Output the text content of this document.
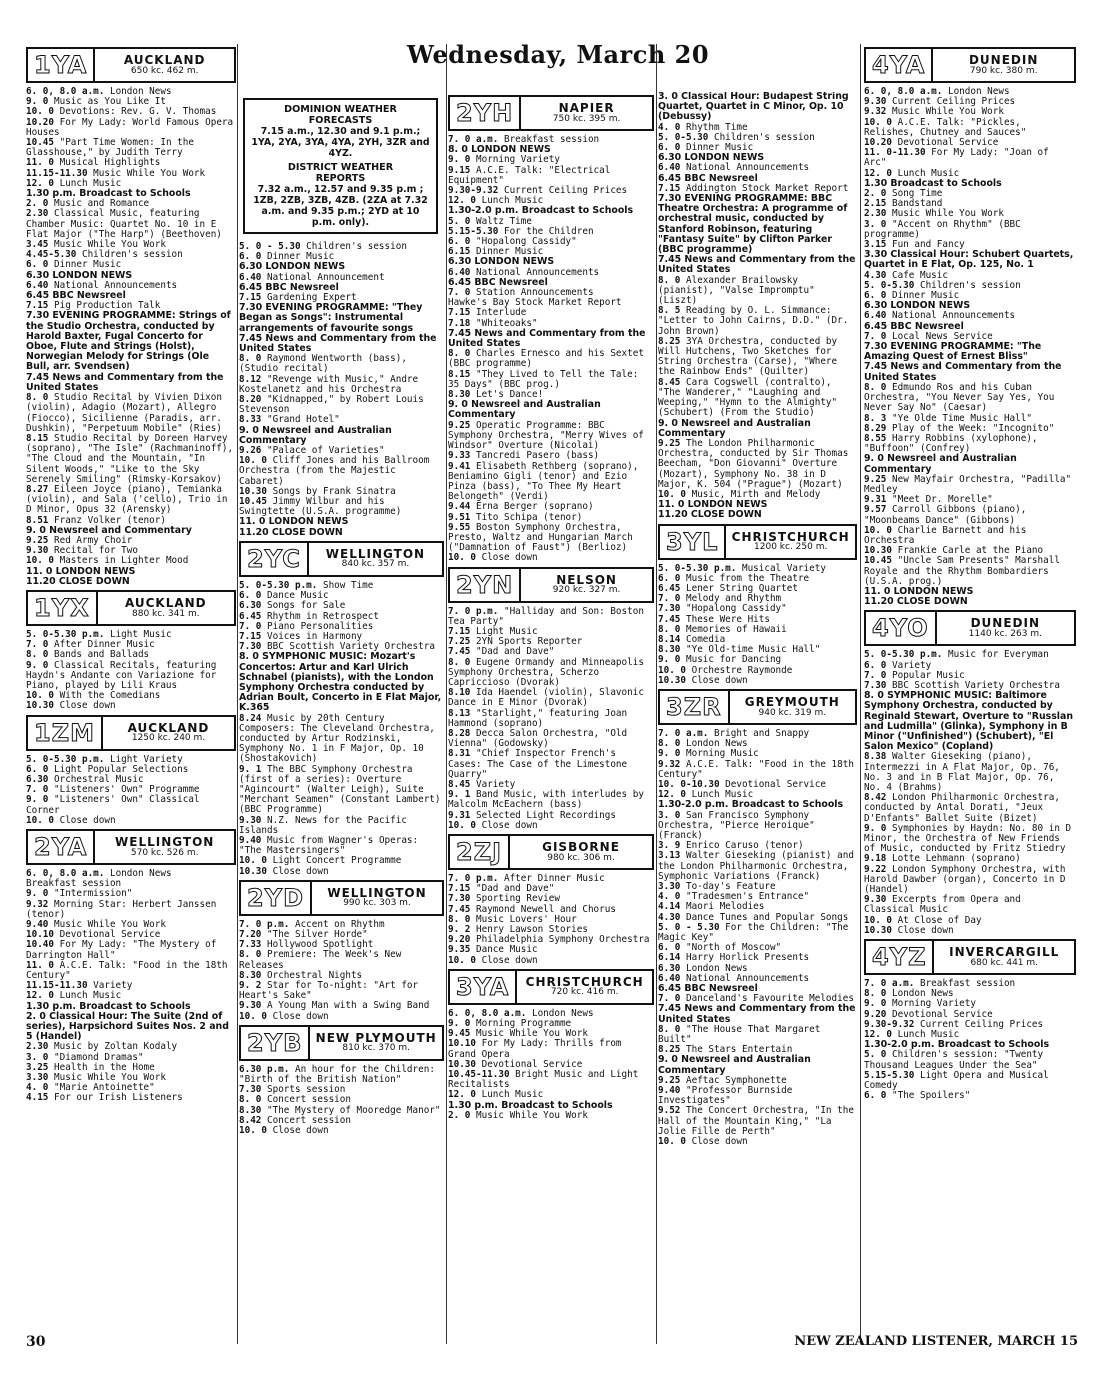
Wednesday, March 20
1YA	AUCKLAND
650 kc. 462 m.
6. 0, 8.0 a.m. London News
9. 0 Music as You Like It
10. 0 Devotions: Rev. G. V. Thomas
10.20 For My Lady: World Famous Opera Houses
10.45 "Part Time Women: In the Glasshouse," by Judith Terry
11. 0 Musical Highlights
11.15-11.30 Music While You Work
12. 0 Lunch Music
1.30 p.m. Broadcast to Schools
2. 0 Music and Romance
2.30 Classical Music, featuring Chamber Music: Quartet No. 10 in E Flat Major ("The Harp") (Beethoven)
3.45 Music While You Work
4.45-5.30 Children's session
6. 0 Dinner Music
6.30 LONDON NEWS
6.40 National Announcements
6.45 BBC Newsreel
7.15 Pig Production Talk
7.30 EVENING PROGRAMME: Strings of the Studio Orchestra, conducted by Harold Baxter, Fugal Concerto for Oboe, Flute and Strings (Holst), Norwegian Melody for Strings (Ole Bull, arr. Svendsen)
7.45 News and Commentary from the United States
8. 0 Studio Recital by Vivien Dixon (violin), Adagio (Mozart), Allegro (Fiocco), Sicilienne (Paradis, arr. Dushkin), "Perpetuum Mobile" (Ries)
8.15 Studio Recital by Doreen Harvey (soprano), "The Isle" (Rachmaninoff), "The Cloud and the Mountain, "In Silent Woods," "Like to the Sky Serenely Smiling" (Rimsky-Korsakov)
8.27 Eileen Joyce (piano), Temianka (violin), and Sala ('cello), Trio in D Minor, Opus 32 (Arensky)
8.51 Franz Volker (tenor)
9. 0 Newsreel and Commentary
9.25 Red Army Choir
9.30 Recital for Two
10. 0 Masters in Lighter Mood
11. 0 LONDON NEWS
11.20 CLOSE DOWN
1YX	AUCKLAND
880 kc. 341 m.
5. 0-5.30 p.m. Light Music
7. 0 After Dinner Music
8. 0 Bands and Ballads
9. 0 Classical Recitals, featuring Haydn's Andante con Variazione for Piano, played by Lili Kraus
10. 0 With the Comedians
10.30 Close down
1ZM	AUCKLAND
1250 kc. 240 m.
5. 0-5.30 p.m. Light Variety
6. 0 Light Popular Selections
6.30 Orchestral Music
7. 0 "Listeners' Own" Programme
9. 0 "Listeners' Own" Classical Corner
10. 0 Close down
2YA	WELLINGTON
570 kc. 526 m.
6. 0, 8.0 a.m. London News
Breakfast session
9. 0 "Intermission"
9.32 Morning Star: Herbert Janssen (tenor)
9.40 Music While You Work
10.10 Devotional Service
10.40 For My Lady: "The Mystery of Darrington Hall"
11. 0 A.C.E. Talk: "Food in the 18th Century"
11.15-11.30 Variety
12. 0 Lunch Music
1.30 p.m. Broadcast to Schools
2. 0 Classical Hour: The Suite (2nd of series), Harpsichord Suites Nos. 2 and 5 (Handel)
2.30 Music by Zoltan Kodaly
3. 0 "Diamond Dramas"
3.25 Health in the Home
3.30 Music While You Work
4. 0 "Marie Antoinette"
4.15 For our Irish Listeners
DOMINION WEATHER
FORECASTS
7.15 a.m., 12.30 and 9.1 p.m.; 1YA, 2YA, 3YA, 4YA, 2YH, 3ZR and 4YZ.
DISTRICT WEATHER
REPORTS
7.32 a.m., 12.57 and 9.35 p.m ; 1ZB, 2ZB, 3ZB, 4ZB. (2ZA at 7.32 a.m. and 9.35 p.m.; 2YD at 10 p.m. only).
5. 0 - 5.30 Children's session
6. 0 Dinner Music
6.30 LONDON NEWS
6.40 National Announcement
6.45 BBC Newsreel
7.15 Gardening Expert
7.30 EVENING PROGRAMME: "They Began as Songs": Instrumental arrangements of favourite songs
7.45 News and Commentary from the United States
8. 0 Raymond Wentworth (bass), (Studio recital)
8.12 "Revenge with Music," Andre Kostelanetz and his Orchestra
8.20 "Kidnapped," by Robert Louis Stevenson
8.33 "Grand Hotel"
9. 0 Newsreel and Australian Commentary
9.26 "Palace of Varieties"
10. 0 Cliff Jones and his Ballroom Orchestra (from the Majestic Cabaret)
10.30 Songs by Frank Sinatra
10.45 Jimmy Wilbur and his Swingtette (U.S.A. programme)
11. 0 LONDON NEWS
11.20 CLOSE DOWN
2YC	WELLINGTON
840 kc. 357 m.
5. 0-5.30 p.m. Show Time
6. 0 Dance Music
6.30 Songs for Sale
6.45 Rhythm in Retrospect
7. 0 Piano Personalities
7.15 Voices in Harmony
7.30 BBC Scottish Variety Orchestra
8. 0 SYMPHONIC MUSIC: Mozart's Concertos: Artur and Karl Ulrich Schnabel (pianists), with the London Symphony Orchestra conducted by Adrian Boult, Concerto in E Flat Major, K.365
8.24 Music by 20th Century Composers: The Cleveland Orchestra, conducted by Artur Rodzinski, Symphony No. 1 in F Major, Op. 10 (Shostakovich)
9. 1 The BBC Symphony Orchestra (first of a series): Overture "Agincourt" (Walter Leigh), Suite "Merchant Seamen" (Constant Lambert) (BBC Programme)
9.30 N.Z. News for the Pacific Islands
9.40 Music from Wagner's Operas: "The Mastersingers"
10. 0 Light Concert Programme
10.30 Close down
2YD	WELLINGTON
990 kc. 303 m.
7. 0 p.m. Accent on Rhythm
7.20 "The Silver Horde"
7.33 Hollywood Spotlight
8. 0 Premiere: The Week's New Releases
8.30 Orchestral Nights
9. 2 Star for To-night: "Art for Heart's Sake"
9.30 A Young Man with a Swing Band
10. 0 Close down
2YB	NEW PLYMOUTH
810 kc. 370 m.
6.30 p.m. An hour for the Children: "Birth of the British Nation"
7.30 Sports session
8. 0 Concert session
8.30 "The Mystery of Mooredge Manor"
8.42 Concert session
10. 0 Close down
2YH	NAPIER
750 kc. 395 m.
7. 0 a.m. Breakfast session
8. 0 LONDON NEWS
9. 0 Morning Variety
9.15 A.C.E. Talk: "Electrical Equipment"
9.30-9.32 Current Ceiling Prices
12. 0 Lunch Music
1.30-2.0 p.m. Broadcast to Schools
5. 0 Waltz Time
5.15-5.30 For the Children
6. 0 "Hopalong Cassidy"
6.15 Dinner Music
6.30 LONDON NEWS
6.40 National Announcements
6.45 BBC Newsreel
7. 0 Station Announcements
Hawke's Bay Stock Market Report
7.15 Interlude
7.18 "Whiteoaks"
7.45 News and Commentary from the United States
8. 0 Charles Ernesco and his Sextet (BBC programme)
8.15 "They Lived to Tell the Tale: 35 Days" (BBC prog.)
8.30 Let's Dance!
9. 0 Newsreel and Australian Commentary
9.25 Operatic Programme: BBC Symphony Orchestra, "Merry Wives of Windsor" Overture (Nicolai)
9.33 Tancredi Pasero (bass)
9.41 Elisabeth Rethberg (soprano), Beniamino Gigli (tenor) and Ezio Pinza (bass), "To Thee My Heart Belongeth" (Verdi)
9.44 Erna Berger (soprano)
9.51 Tito Schipa (tenor)
9.55 Boston Symphony Orchestra, Presto, Waltz and Hungarian March ("Damnation of Faust") (Berlioz)
10. 0 Close down
2YN	NELSON
920 kc. 327 m.
7. 0 p.m. "Halliday and Son: Boston Tea Party"
7.15 Light Music
7.25 2YN Sports Reporter
7.45 "Dad and Dave"
8. 0 Eugene Ormandy and Minneapolis Symphony Orchestra, Scherzo Capriccioso (Dvorak)
8.10 Ida Haendel (violin), Slavonic Dance in E Minor (Dvorak)
8.13 "Starlight," featuring Joan Hammond (soprano)
8.28 Decca Salon Orchestra, "Old Vienna" (Godowsky)
8.31 "Chief Inspector French's Cases: The Case of the Limestone Quarry"
8.45 Variety
9. 1 Band Music, with interludes by Malcolm McEachern (bass)
9.31 Selected Light Recordings
10. 0 Close down
2ZJ	GISBORNE
980 kc. 306 m.
7. 0 p.m. After Dinner Music
7.15 "Dad and Dave"
7.30 Sporting Review
7.45 Raymond Newell and Chorus
8. 0 Music Lovers' Hour
9. 2 Henry Lawson Stories
9.20 Philadelphia Symphony Orchestra
9.35 Dance Music
10. 0 Close down
3YA	CHRISTCHURCH
720 kc. 416 m.
6. 0, 8.0 a.m. London News
9. 0 Morning Programme
9.45 Music While You Work
10.10 For My Lady: Thrills from Grand Opera
10.30 Devotional Service
10.45-11.30 Bright Music and Light Recitalists
12. 0 Lunch Music
1.30 p.m. Broadcast to Schools
2. 0 Music While You Work
3. 0 Classical Hour: Budapest String Quartet, Quartet in C Minor, Op. 10 (Debussy)
4. 0 Rhythm Time
5. 0-5.30 Children's session
6. 0 Dinner Music
6.30 LONDON NEWS
6.40 National Announcements
6.45 BBC Newsreel
7.15 Addington Stock Market Report
7.30 EVENING PROGRAMME: BBC Theatre Orchestra: A programme of orchestral music, conducted by Stanford Robinson, featuring "Fantasy Suite" by Clifton Parker (BBC programme)
7.45 News and Commentary from the United States
8. 0 Alexander Brailowsky (pianist), "Valse Impromptu" (Liszt)
8. 5 Reading by O. L. Simmance: "Letter to John Cairns, D.D." (Dr. John Brown)
8.25 3YA Orchestra, conducted by Will Hutchens, Two Sketches for String Orchestra (Carse), "Where the Rainbow Ends" (Quilter)
8.45 Cara Cogswell (contralto), "The Wanderer," "Laughing and Weeping," "Hymn to the Almighty" (Schubert) (From the Studio)
9. 0 Newsreel and Australian Commentary
9.25 The London Philharmonic Orchestra, conducted by Sir Thomas Beecham, "Don Giovanni" Overture (Mozart), Symphony No. 38 in D Major, K. 504 ("Prague") (Mozart)
10. 0 Music, Mirth and Melody
11. 0 LONDON NEWS
11.20 CLOSE DOWN
3YL	CHRISTCHURCH
1200 kc. 250 m.
5. 0-5.30 p.m. Musical Variety
6. 0 Music from the Theatre
6.45 Lener String Quartet
7. 0 Melody and Rhythm
7.30 "Hopalong Cassidy"
7.45 These Were Hits
8. 0 Memories of Hawaii
8.14 Comedia
8.30 "Ye Old-time Music Hall"
9. 0 Music for Dancing
10. 0 Orchestre Raymonde
10.30 Close down
3ZR	GREYMOUTH
940 kc. 319 m.
7. 0 a.m. Bright and Snappy
8. 0 London News
9. 0 Morning Music
9.32 A.C.E. Talk: "Food in the 18th Century"
10. 0-10.30 Devotional Service
12. 0 Lunch Music
1.30-2.0 p.m. Broadcast to Schools
3. 0 San Francisco Symphony Orchestra, "Pierce Heroique" (Franck)
3. 9 Enrico Caruso (tenor)
3.13 Walter Gieseking (pianist) and the London Philharmonic Orchestra, Symphonic Variations (Franck)
3.30 To-day's Feature
4. 0 "Tradesmen's Entrance"
4.14 Maori Melodies
4.30 Dance Tunes and Popular Songs
5. 0 - 5.30 For the Children: "The Magic Key"
6. 0 "North of Moscow"
6.14 Harry Horlick Presents
6.30 London News
6.40 National Announcements
6.45 BBC Newsreel
7. 0 Danceland's Favourite Melodies
7.45 News and Commentary from the United States
8. 0 "The House That Margaret Built"
8.25 The Stars Entertain
9. 0 Newsreel and Australian Commentary
9.25 Aeftac Symphonette
9.40 "Professor Burnside Investigates"
9.52 The Concert Orchestra, "In the Hall of the Mountain King," "La Jolie Fille de Perth"
10. 0 Close down
4YA	DUNEDIN
790 kc. 380 m.
6. 0, 8.0 a.m. London News
9.30 Current Ceiling Prices
9.32 Music While You Work
10. 0 A.C.E. Talk: "Pickles, Relishes, Chutney and Sauces"
10.20 Devotional Service
11. 0-11.30 For My Lady: "Joan of Arc"
12. 0 Lunch Music
1.30 Broadcast to Schools
2. 0 Song Time
2.15 Bandstand
2.30 Music While You Work
3. 0 "Accent on Rhythm" (BBC programme)
3.15 Fun and Fancy
3.30 Classical Hour: Schubert Quartets, Quartet in E Flat, Op. 125, No. 1
4.30 Cafe Music
5. 0-5.30 Children's session
6. 0 Dinner Music
6.30 LONDON NEWS
6.40 National Announcements
6.45 BBC Newsreel
7. 0 Local News Service
7.30 EVENING PROGRAMME: "The Amazing Quest of Ernest Bliss"
7.45 News and Commentary from the United States
8. 0 Edmundo Ros and his Cuban Orchestra, "You Never Say Yes, You Never Say No" (Caesar)
8. 3 "Ye Olde Time Music Hall"
8.29 Play of the Week: "Incognito"
8.55 Harry Robbins (xylophone), "Buffoon" (Confrey)
9. 0 Newsreel and Australian Commentary
9.25 New Mayfair Orchestra, "Padilla" Medley
9.31 "Meet Dr. Morelle"
9.57 Carroll Gibbons (piano), "Moonbeams Dance" (Gibbons)
10. 0 Charlie Barnett and his Orchestra
10.30 Frankie Carle at the Piano
10.45 "Uncle Sam Presents" Marshall Royale and the Rhythm Bombardiers (U.S.A. prog.)
11. 0 LONDON NEWS
11.20 CLOSE DOWN
4YO	DUNEDIN
1140 kc. 263 m.
5. 0-5.30 p.m. Music for Everyman
6. 0 Variety
7. 0 Popular Music
7.30 BBC Scottish Variety Orchestra
8. 0 SYMPHONIC MUSIC: Baltimore Symphony Orchestra, conducted by Reginald Stewart, Overture to "Russlan and Ludmilla" (Glinka), Symphony in B Minor ("Unfinished") (Schubert), "El Salon Mexico" (Copland)
8.38 Walter Gieseking (piano), Intermezzi in A Flat Major, Op. 76, No. 3 and in B Flat Major, Op. 76, No. 4 (Brahms)
8.42 London Philharmonic Orchestra, conducted by Antal Dorati, "Jeux D'Enfants" Ballet Suite (Bizet)
9. 0 Symphonies by Haydn: No. 80 in D Minor, the Orchestra of New Friends of Music, conducted by Fritz Stiedry
9.18 Lotte Lehmann (soprano)
9.22 London Symphony Orchestra, with Harold Dawber (organ), Concerto in D (Handel)
9.30 Excerpts from Opera and Classical Music
10. 0 At Close of Day
10.30 Close down
4YZ	INVERCARGILL
680 kc. 441 m.
7. 0 a.m. Breakfast session
8. 0 London News
9. 0 Morning Variety
9.20 Devotional Service
9.30-9.32 Current Ceiling Prices
12. 0 Lunch Music
1.30-2.0 p.m. Broadcast to Schools
5. 0 Children's session: "Twenty Thousand Leagues Under the Sea"
5.15-5.30 Light Opera and Musical Comedy
6. 0 "The Spoilers"
30	NEW ZEALAND LISTENER, MARCH 15
